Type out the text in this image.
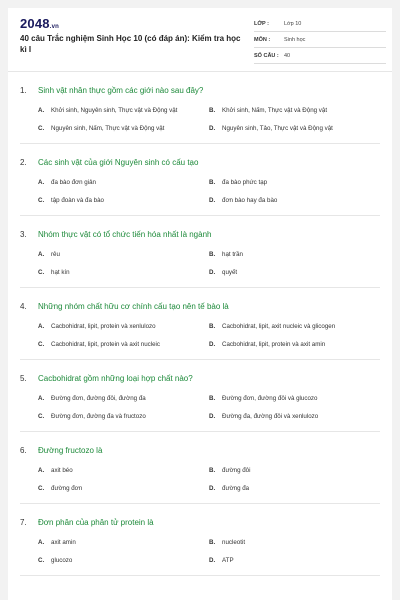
2048.vn
40 câu Trắc nghiệm Sinh Học 10 (có đáp án): Kiểm tra học kì I
LỚP :	Lớp 10
MÔN :	Sinh học
SỐ CÂU : 40
1.	Sinh vật nhân thực gồm các giới nào sau đây?
A.	Khởi sinh, Nguyên sinh, Thực vật và Động vật	B.	Khởi sinh, Nấm, Thực vật và Động vật
C.	Nguyên sinh, Nấm, Thực vật và Động vật	D.	Nguyên sinh, Tảo, Thực vật và Động vật
2.	Các sinh vật của giới Nguyên sinh có cấu tạo
A.	đa bào đơn giản	B.	đa bào phức tạp
C.	tập đoàn và đa bào	D.	đơn bào hay đa bào
3.	Nhóm thực vật có tổ chức tiến hóa nhất là ngành
A.	rêu	B.	hạt trần
C.	hạt kín	D.	quyết
4.	Những nhóm chất hữu cơ chính cấu tạo nên tế bào là
A.	Cacbohidrat, lipit, protein và xenlulozo	B.	Cacbohidrat, lipit, axit nucleic và glicogen
C.	Cacbohidrat, lipit, protein và axit nucleic	D.	Cacbohidrat, lipit, protein và axit amin
5.	Cacbohidrat gồm những loại hợp chất nào?
A.	Đường đơn, đường đôi, đường đa	B.	Đường đơn, đường đôi và glucozo
C.	Đường đơn, đường đa và fructozo	D.	Đường đa, đường đôi và xenlulozo
6.	Đường fructozo là
A.	axit béo	B.	đường đôi
C.	đường đơn	D.	đường đa
7.	Đơn phân của phân tử protein là
A.	axit amin	B.	nucleotit
C.	glucozo	D.	ATP
